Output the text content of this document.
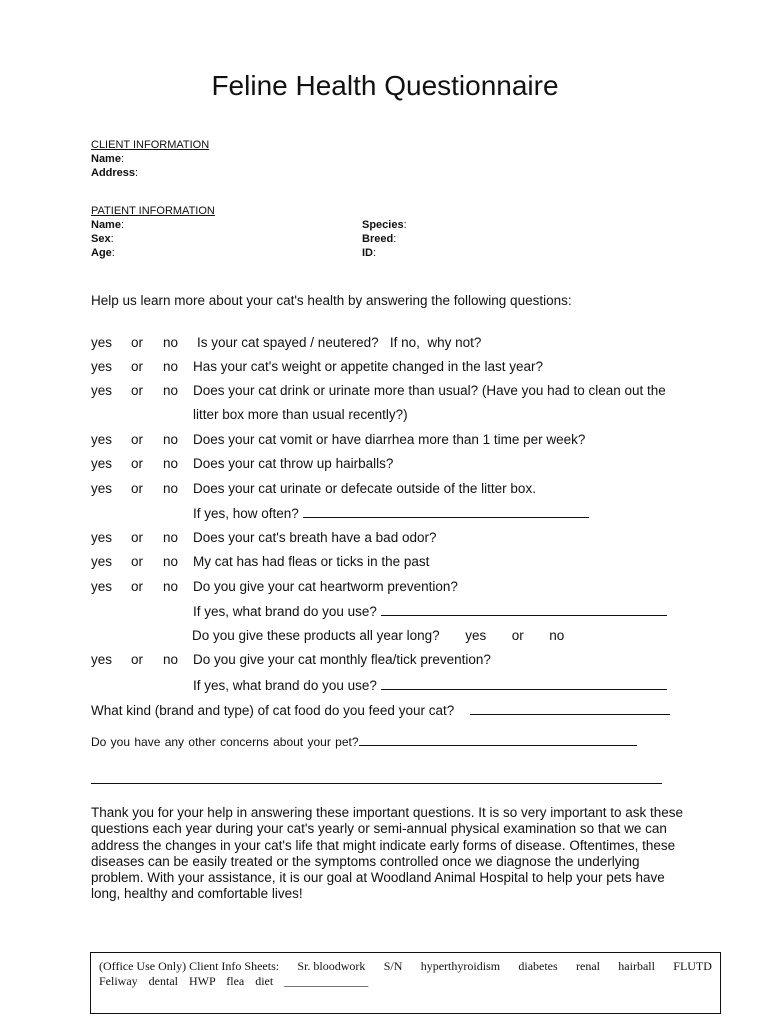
Feline Health Questionnaire
CLIENT INFORMATION
Name:
Address:
PATIENT INFORMATION
Name:
Sex:
Age:
Species:
Breed:
ID:
Help us learn more about your cat's health by answering the following questions:
yes or no Is your cat spayed / neutered?   If no,  why not?
yes or no Has your cat's weight or appetite changed in the last year?
yes or no Does your cat drink or urinate more than usual? (Have you had to clean out the
litter box more than usual recently?)
yes or no Does your cat vomit or have diarrhea more than 1 time per week?
yes or no Does your cat throw up hairballs?
yes or no Does your cat urinate or defecate outside of the litter box.
If yes, how often?
yes or no Does your cat's breath have a bad odor?
yes or no My cat has had fleas or ticks in the past
yes or no Do you give your cat heartworm prevention?
If yes, what brand do you use?
Do you give these products all year long? yes or no
yes or no Do you give your cat monthly flea/tick prevention?
If yes, what brand do you use?
What kind (brand and type) of cat food do you feed your cat?
Do you have any other concerns about your pet?
Thank you for your help in answering these important questions. It is so very important to ask these questions each year during your cat's yearly or semi-annual physical examination so that we can address the changes in your cat's life that might indicate early forms of disease. Oftentimes, these diseases can be easily treated or the symptoms controlled once we diagnose the underlying problem. With your assistance, it is our goal at Woodland Animal Hospital to help your pets have long, healthy and comfortable lives!
(Office Use Only) Client Info Sheets: Sr. bloodwork S/N hyperthyroidism diabetes renal hairball FLUTD
Feliway dental HWP flea diet ______________
